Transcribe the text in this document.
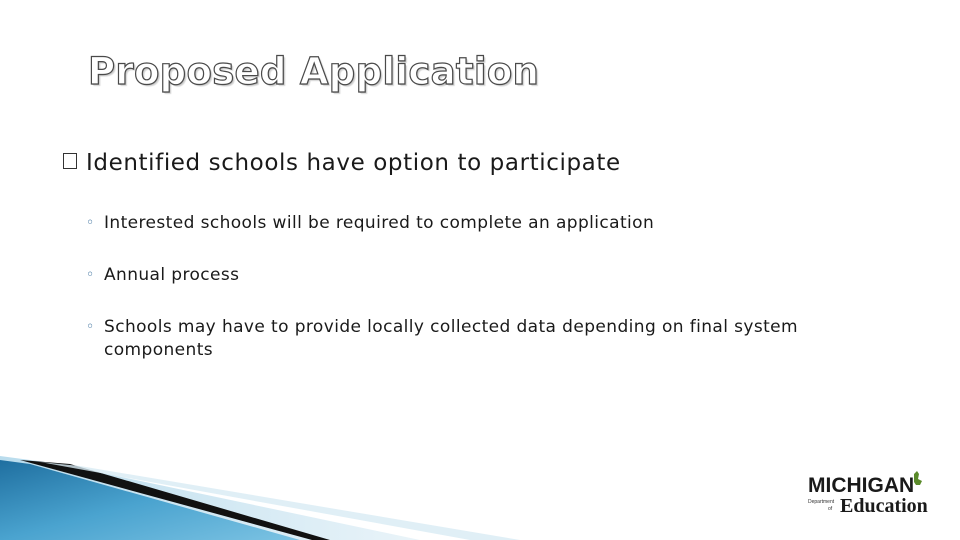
Proposed Application
Identified schools have option to participate
◦ Interested schools will be required to complete an application
◦ Annual process
◦ Schools may have to provide locally collected data depending on final system components
MICHIGAN
Department
of Education
